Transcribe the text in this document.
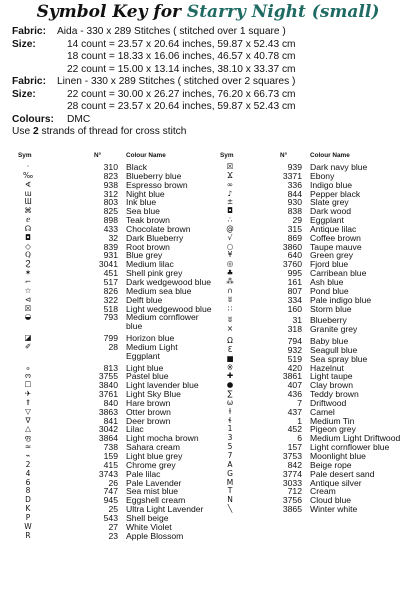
Symbol Key for Starry Night (small)
Fabric: Aida - 330 x 289 Stitches ( stitched over 1 square )
Size:	14 count = 23.57 x 20.64 inches, 59.87 x 52.43 cm
18 count = 18.33 x 16.06 inches, 46.57 x 40.78 cm
22 count = 15.00 x 13.14 inches, 38.10 x 33.37 cm
Fabric: Linen - 330 x 289 Stitches ( stitched over 2 squares )
Size:	22 count = 30.00 x 26.27 inches, 76.20 x 66.73 cm
28 count = 23.57 x 20.64 inches, 59.87 x 52.43 cm
Colours: DMC
Use 2 strands of thread for cross stitch
Sym	N°	Colour Name
·	310 Black
‰	823 Blueberry blue
∢	938 Espresso brown
ɯ	312 Night blue
Ɯ	803 Ink blue
⌘	825 Sea blue
ⅇ	898 Teak brown
☊	433 Chocolate brown
◘	32 Dark Blueberry
◇	839 Root brown
ℚ	931 Blue grey
Ϩ	3041 Medium lilac
✶	451 Shell pink grey
⌐	517 Dark wedgewood blue
☆	826 Medium sea blue
⊲	322 Delft blue
☒	518 Light wedgewood blue
◒	793 Medium cornflower
blue
◪	799 Horizon blue
✐	28 Medium Light
Eggplant
ℴ	813 Light blue
ო	3755 Pastel blue
☐	3840 Light lavender blue
✈	3761 Light Sky Blue
⇑	840 Hare brown
▽	3863 Otter brown
∇	841 Deer brown
△	3042 Lilac
ფ	3864 Light mocha brown
≈	738 Sahara cream
⌁	159 Light blue grey
2	415 Chrome grey
4	3743 Pale lilac
6	26 Pale Lavender
8	747 Sea mist blue
D	945 Eggshell cream
K	25 Ultra Light Lavender
P	543 Shell beige
W	27 White Violet
R	23 Apple Blossom
Sym	N°	Colour Name
☒	939 Dark navy blue
Ϫ	3371 Ebony
∞	336 Indigo blue
♪	844 Pepper black
±	930 Slate grey
◘	838 Dark wood
∴	29 Eggplant
@	315 Antique lilac
√	869 Coffee brown
○	3860 Taupe mauve
¥	640 Green grey
◎	3760 Fjord blue
♣	995 Carribean blue
⁂	161 Ash blue
∩	807 Pond blue
ʬ	334 Pale indigo blue
∷	160 Storm blue
ʬ	31 Blueberry
×	318 Granite grey
Ω	794 Baby blue
Ɛ	932 Seagull blue
■	519 Sea spray blue
※	420 Hazelnut
✚	3861 Light taupe
●	407 Clay brown
∑	436 Teddy brown
ω	7 Driftwood
ɫ	437 Camel
ɬ	1 Medium Tin
1	452 Pigeon grey
3	6 Medium Light Driftwood
5	157 Light cornflower blue
7	3753 Moonlight blue
A	842 Beige rope
G	3774 Pale desert sand
M	3033 Antique silver
T	712 Cream
N	3756 Cloud blue
╲	3865 Winter white
